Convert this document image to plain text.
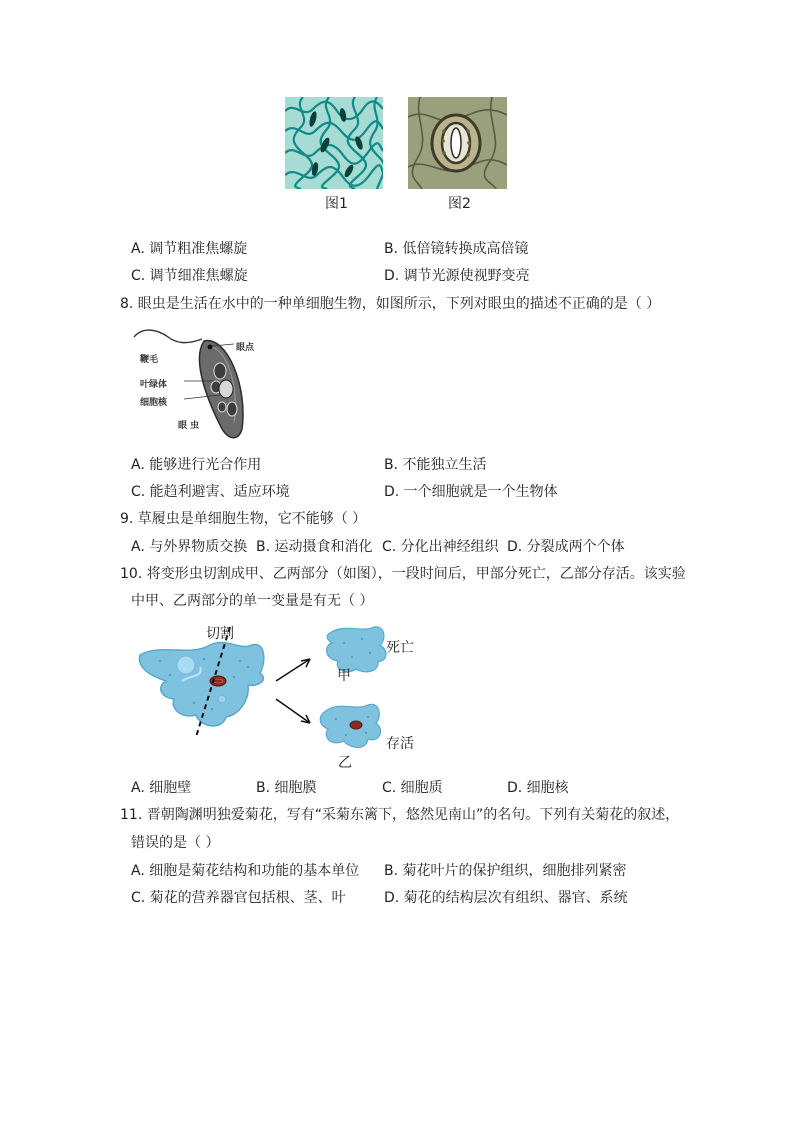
图1	图2
A. 调节粗准焦螺旋	B. 低倍镜转换成高倍镜
C. 调节细准焦螺旋	D. 调节光源使视野变亮
8. 眼虫是生活在水中的一种单细胞生物，如图所示，下列对眼虫的描述不正确的是（ ）
鞭毛
眼点
叶绿体
细胞核
眼 虫
A. 能够进行光合作用	B. 不能独立生活
C. 能趋利避害、适应环境	D. 一个细胞就是一个生物体
9. 草履虫是单细胞生物，它不能够（ ）
A. 与外界物质交换 B. 运动摄食和消化 C. 分化出神经组织 D. 分裂成两个个体
10. 将变形虫切割成甲、乙两部分（如图），一段时间后，甲部分死亡，乙部分存活。该实验
中甲、乙两部分的单一变量是有无（ ）
切割
死亡
甲
存活
乙
A. 细胞壁	B. 细胞膜	C. 细胞质	D. 细胞核
11. 晋朝陶渊明独爱菊花，写有“采菊东篱下，悠然见南山”的名句。下列有关菊花的叙述，
错误的是（ ）
A. 细胞是菊花结构和功能的基本单位 B. 菊花叶片的保护组织，细胞排列紧密
C. 菊花的营养器官包括根、茎、叶	D. 菊花的结构层次有组织、器官、系统
